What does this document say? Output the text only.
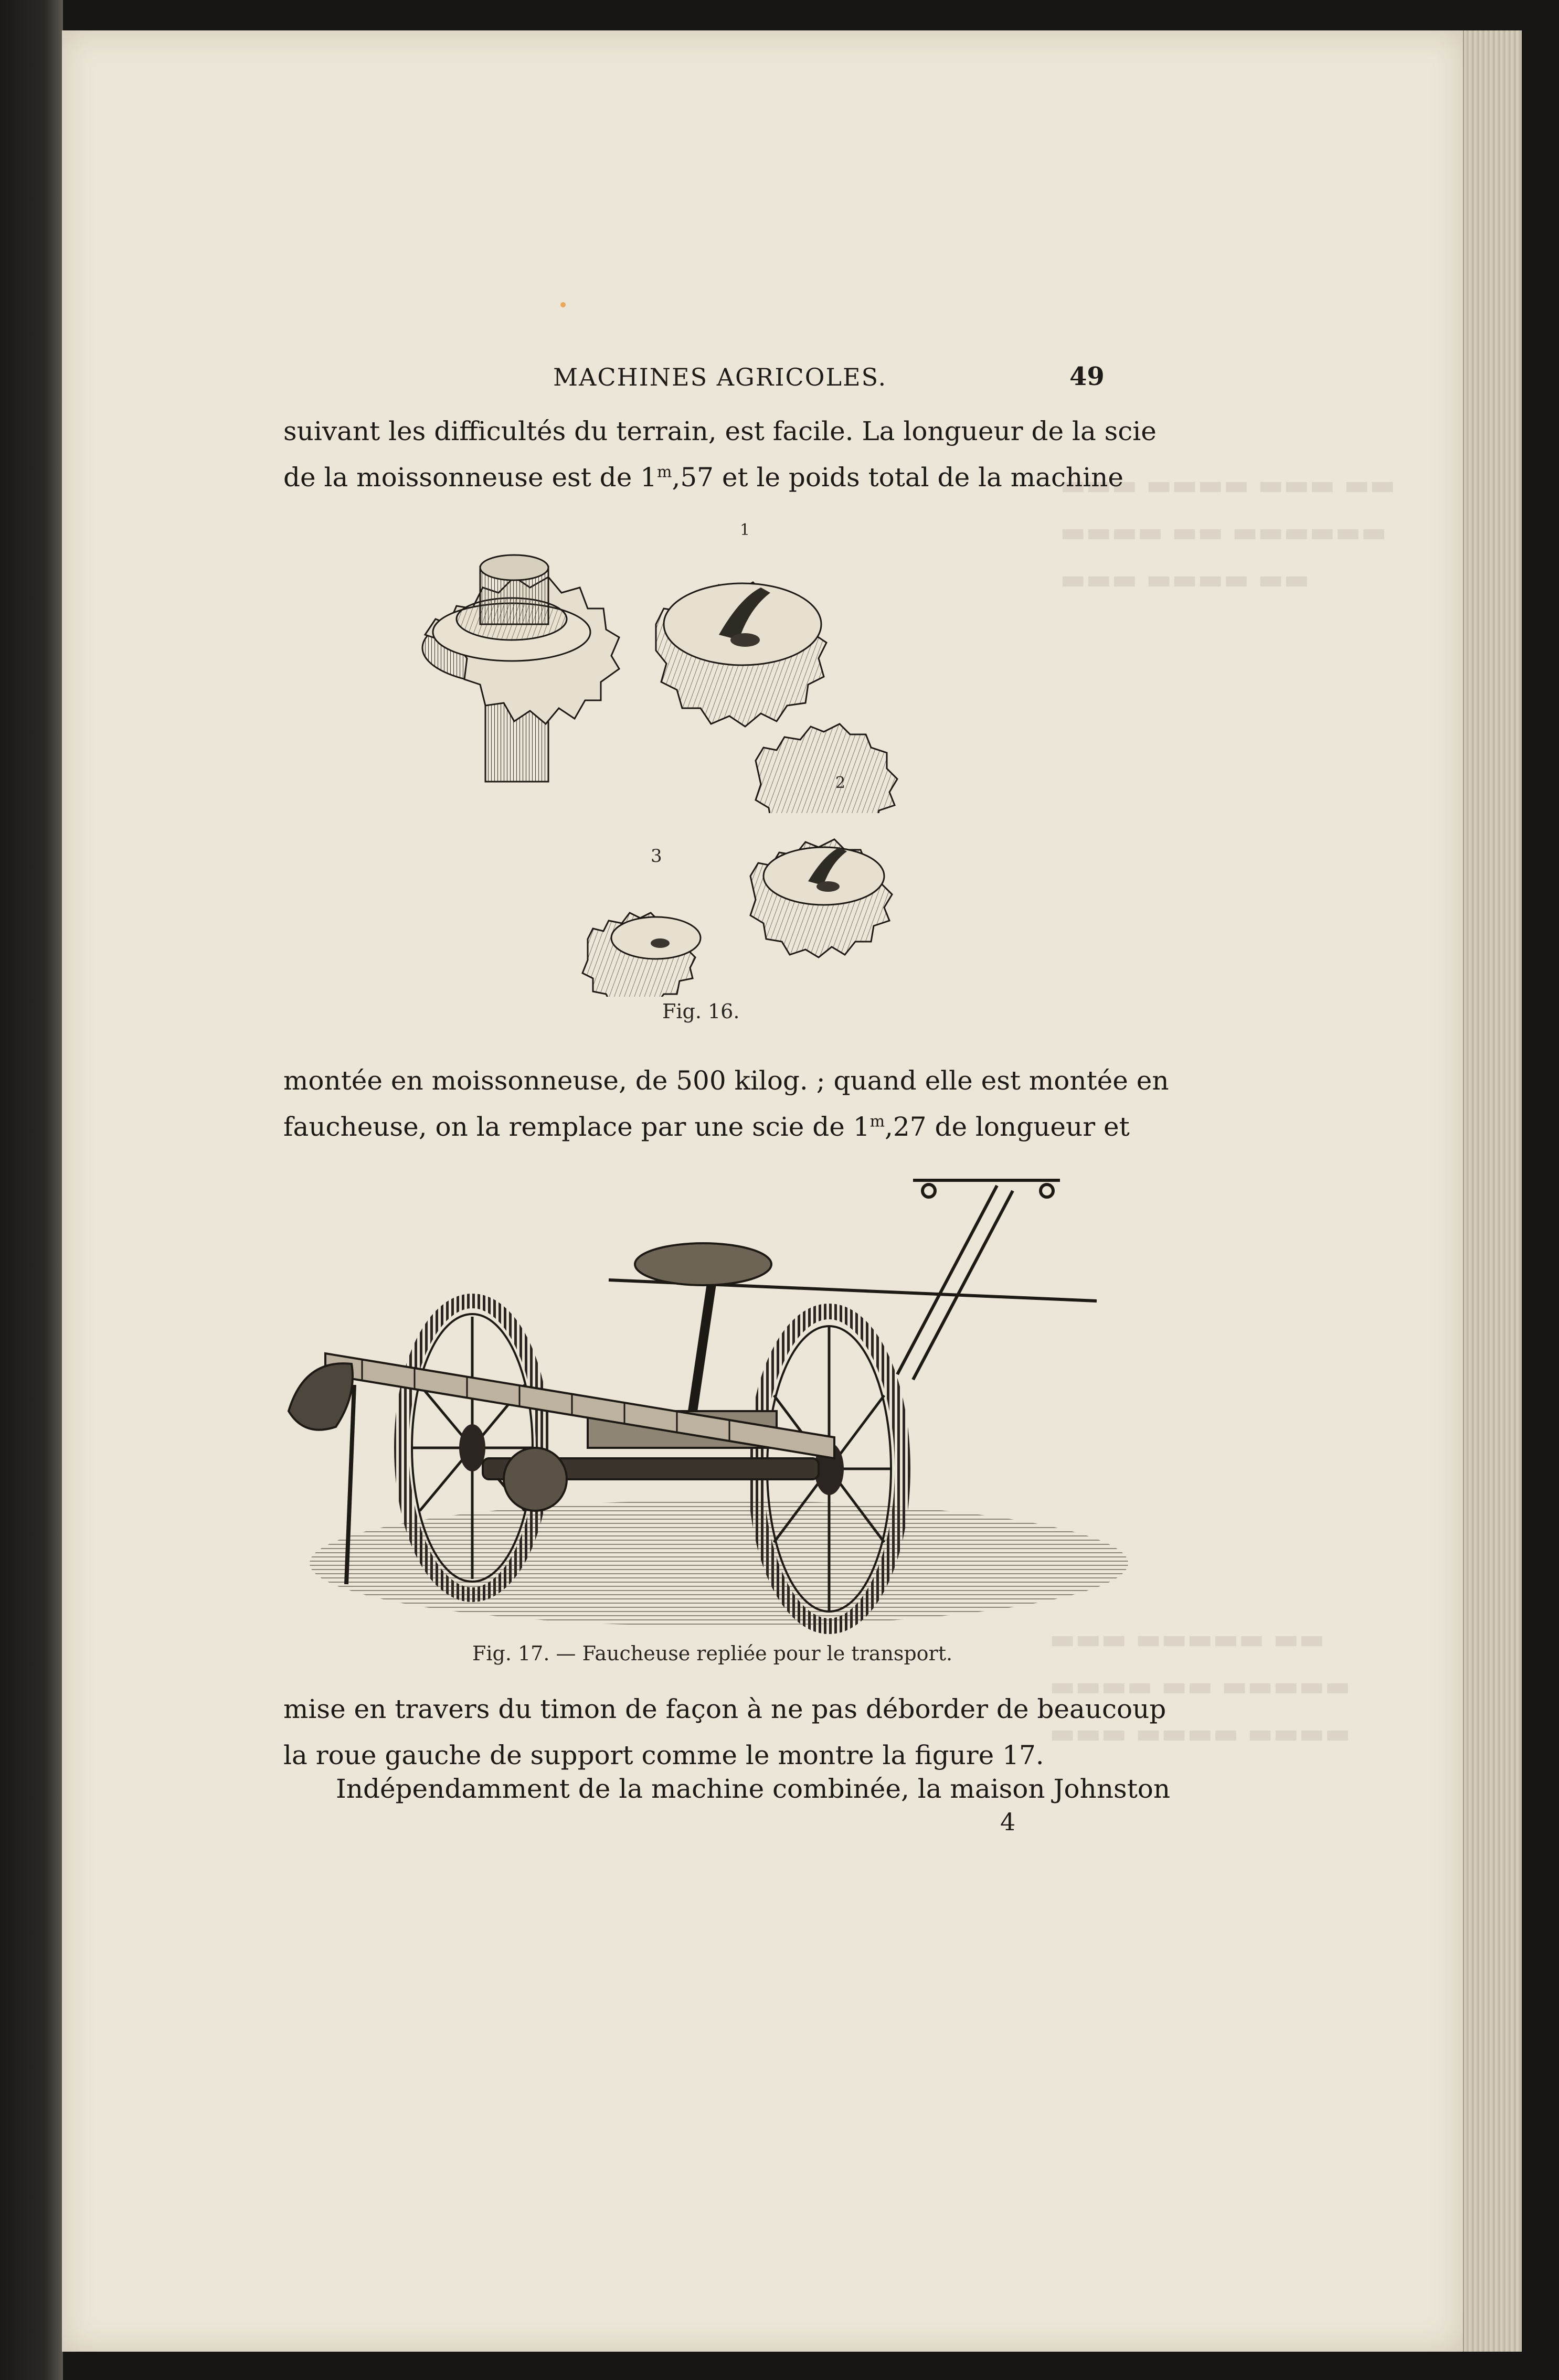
▬▬▬ ▬▬▬▬ ▬▬▬ ▬▬
▬▬▬▬ ▬▬ ▬▬▬▬▬▬
▬▬▬ ▬▬▬▬ ▬▬
▬▬▬ ▬▬▬▬▬ ▬▬
▬▬▬▬ ▬▬ ▬▬▬▬▬
▬▬▬ ▬▬▬▬ ▬▬▬▬
MACHINES AGRICOLES.	49
suivant les difficultés du terrain, est facile. La longueur de la scie
de la moissonneuse est de 1$^m$,57 et le poids total de la machine
1
2
3
Fig. 16.
montée en moissonneuse, de 500 kilog. ; quand elle est montée en
faucheuse, on la remplace par une scie de 1$^m$,27 de longueur et
Fig. 17. — Faucheuse repliée pour le transport.
mise en travers du timon de façon à ne pas déborder de beaucoup
la roue gauche de support comme le montre la figure 17.
Indépendamment de la machine combinée, la maison Johnston
4
